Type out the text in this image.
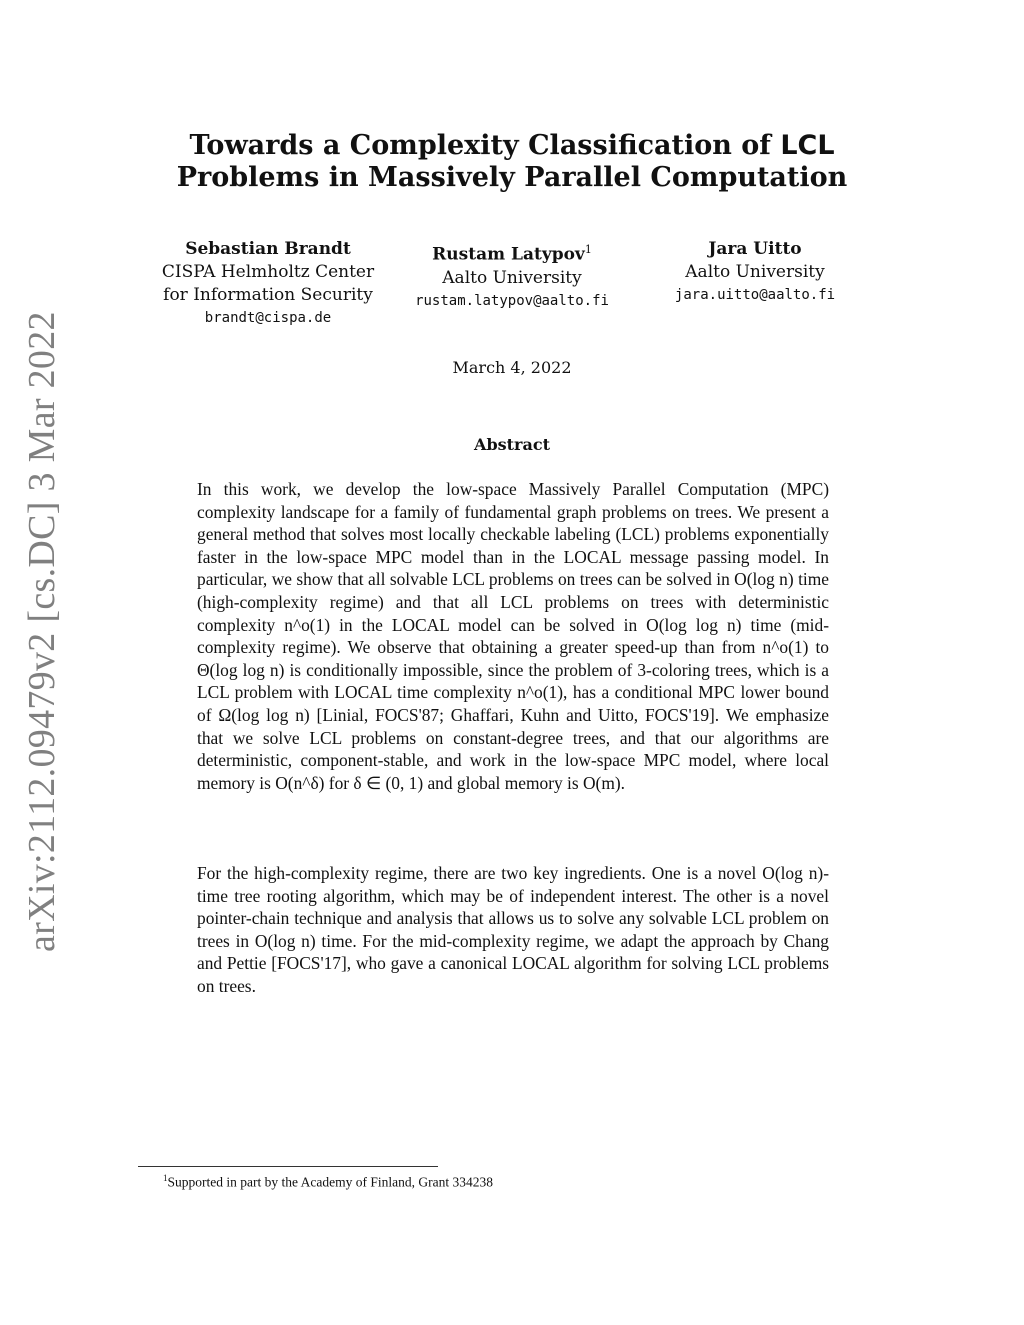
arXiv:2112.09479v2 [cs.DC] 3 Mar 2022
Towards a Complexity Classification of LCL
Problems in Massively Parallel Computation
Sebastian Brandt
CISPA Helmholtz Center
for Information Security
brandt@cispa.de
Rustam Latypov$^1$
Aalto University
rustam.latypov@aalto.fi
Jara Uitto
Aalto University
jara.uitto@aalto.fi
March 4, 2022
Abstract

In this work, we develop the low-space Massively Parallel Computation (MPC) complexity landscape for a family of fundamental graph problems on trees. We present a general method that solves most locally checkable labeling (LCL) problems exponentially faster in the low-space MPC model than in the LOCAL message passing model. In particular, we show that all solvable LCL problems on trees can be solved in O(log n) time (high-complexity regime) and that all LCL problems on trees with deterministic complexity n^o(1) in the LOCAL model can be solved in O(log log n) time (mid-complexity regime). We observe that obtaining a greater speed-up than from n^o(1) to Θ(log log n) is conditionally impossible, since the problem of 3-coloring trees, which is a LCL problem with LOCAL time complexity n^o(1), has a conditional MPC lower bound of Ω(log log n) [Linial, FOCS'87; Ghaffari, Kuhn and Uitto, FOCS'19]. We emphasize that we solve LCL problems on constant-degree trees, and that our algorithms are deterministic, component-stable, and work in the low-space MPC model, where local memory is O(n^δ) for δ ∈ (0, 1) and global memory is O(m).

For the high-complexity regime, there are two key ingredients. One is a novel O(log n)-time tree rooting algorithm, which may be of independent interest. The other is a novel pointer-chain technique and analysis that allows us to solve any solvable LCL problem on trees in O(log n) time. For the mid-complexity regime, we adapt the approach by Chang and Pettie [FOCS'17], who gave a canonical LOCAL algorithm for solving LCL problems on trees.

$^1$Supported in part by the Academy of Finland, Grant 334238
